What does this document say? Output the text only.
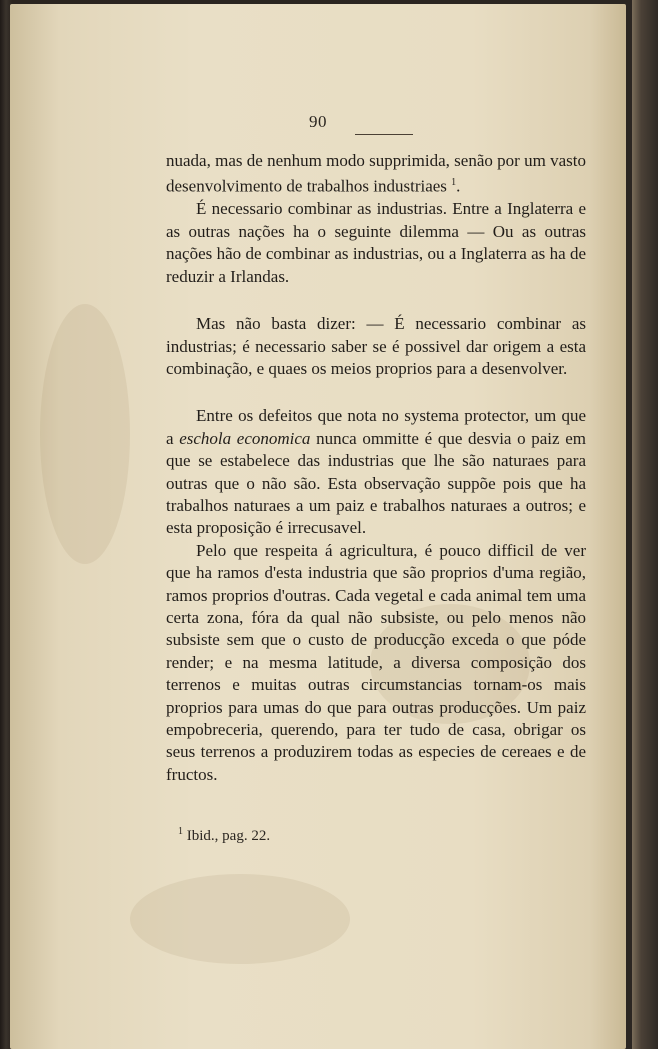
90

nuada, mas de nenhum modo supprimida, senão por um vasto desenvolvimento de trabalhos industriaes $^1$.

É necessario combinar as industrias. Entre a Inglaterra e as outras nações ha o seguinte dilemma — Ou as outras nações hão de combinar as industrias, ou a Inglaterra as ha de reduzir a Irlandas.

Mas não basta dizer: — É necessario combinar as industrias; é necessario saber se é possivel dar origem a esta combinação, e quaes os meios proprios para a desenvolver.

Entre os defeitos que nota no systema protector, um que a eschola economica nunca ommitte é que desvia o paiz em que se estabelece das industrias que lhe são naturaes para outras que o não são. Esta observação suppõe pois que ha trabalhos naturaes a um paiz e trabalhos naturaes a outros; e esta proposição é irrecusavel.

Pelo que respeita á agricultura, é pouco difficil de ver que ha ramos d'esta industria que são proprios d'uma região, ramos proprios d'outras. Cada vegetal e cada animal tem uma certa zona, fóra da qual não subsiste, ou pelo menos não subsiste sem que o custo de producção exceda o que póde render; e na mesma latitude, a diversa composição dos terrenos e muitas outras circumstancias tornam-os mais proprios para umas do que para outras producções. Um paiz empobreceria, querendo, para ter tudo de casa, obrigar os seus terrenos a produzirem todas as especies de cereaes e de fructos.

$^1$ Ibid., pag. 22.
